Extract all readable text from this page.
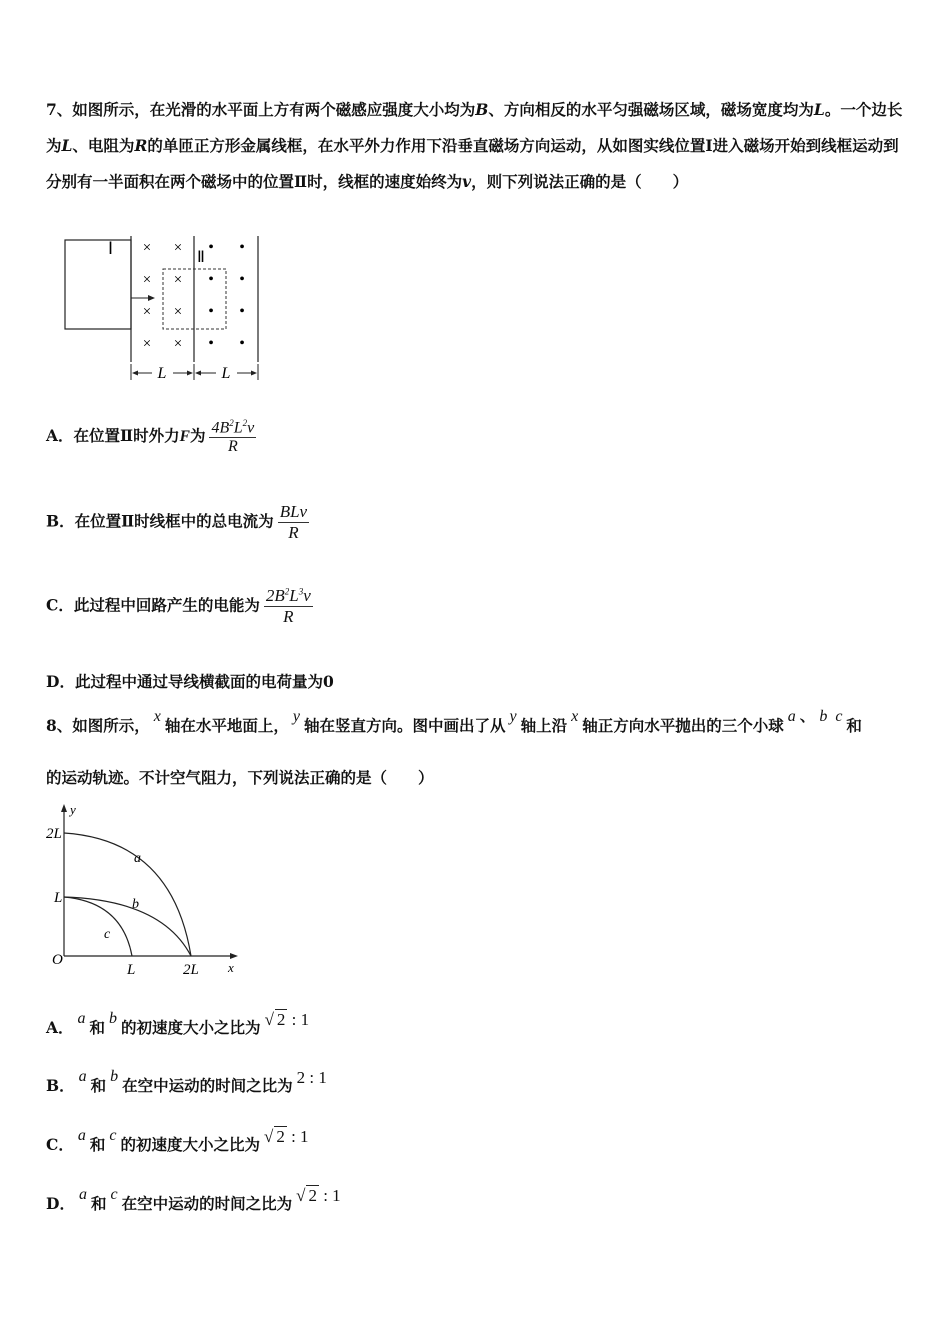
7、如图所示，在光滑的水平面上方有两个磁感应强度大小均为B、方向相反的水平匀强磁场区域，磁场宽度均为L。一个边长为L、电阻为R的单匝正方形金属线框，在水平外力作用下沿垂直磁场方向运动，从如图实线位置Ⅰ进入磁场开始到线框运动到分别有一半面积在两个磁场中的位置Ⅱ时，线框的速度始终为v，则下列说法正确的是（　　）
Ⅰ	Ⅱ
×
×
×
×
×
×
×
×
•
•
•
•
•
•
•
•
L	L
A．在位置Ⅱ时外力F为 $\frac{4B^2L^2v}{R}$
B．在位置Ⅱ时线框中的总电流为 $\frac{\text{BLv}}{R}$
C．此过程中回路产生的电能为 $\frac{2B^2L^3v}{R}$
D．此过程中通过导线横截面的电荷量为0
8、如图所示， x 轴在水平地面上， y 轴在竖直方向。图中画出了从 y 轴上沿 x 轴正方向水平抛出的三个小球 a 、 b c 和
的运动轨迹。不计空气阻力，下列说法正确的是（　　）
y
x
O
2L
L
L	2L
a
b
c
A． a 和 b 的初速度大小之比为 √ 2 : 1
B． a 和 b 在空中运动的时间之比为 2 : 1
C． a 和 c 的初速度大小之比为 √ 2 : 1
D． a 和 c 在空中运动的时间之比为 √ 2 : 1
